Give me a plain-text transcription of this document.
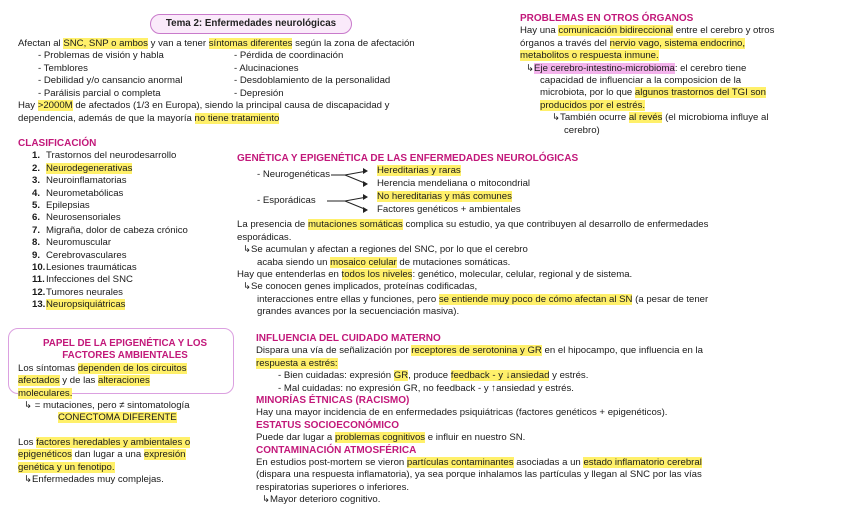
Tema 2: Enfermedades neurológicas
Afectan al SNC, SNP o ambos y van a tener síntomas diferentes según la zona de afectación
- Problemas de visión y habla
- Temblores
- Debilidad y/o cansancio anormal
- Parálisis parcial o completa
- Pérdida de coordinación
- Alucinaciones
- Desdoblamiento de la personalidad
- Depresión
Hay >2000M de afectados (1/3 en Europa), siendo la principal causa de discapacidad y
dependencia, además de que la mayoría no tiene tratamiento
CLASIFICACIÓN
1. Trastornos del neurodesarrollo
2. Neurodegenerativas
3. Neuroinflamatorias
4. Neurometabólicas
5. Epilepsias
6. Neurosensoriales
7. Migraña, dolor de cabeza crónico
8. Neuromuscular
9. Cerebrovasculares
10.Lesiones traumáticas
11.Infecciones del SNC
12.Tumores neurales
13.Neuropsiquiátricas
PAPEL DE LA EPIGENÉTICA Y LOS
FACTORES AMBIENTALES
Los síntomas dependen de los circuitos
afectados y de las alteraciones
moleculares.
↳ = mutaciones, pero ≠ sintomatología
CONECTOMA DIFERENTE
Los factores heredables y ambientales o
epigenéticos dan lugar a una expresión
genética y un fenotipo.
↳Enfermedades muy complejas.
PROBLEMAS EN OTROS ÓRGANOS
Hay una comunicación bidireccional entre el cerebro y otros
órganos a través del nervio vago, sistema endocrino,
metabolitos o respuesta inmune.
↳Eje cerebro-intestino-microbioma: el cerebro tiene
capacidad de influenciar a la composicion de la
microbiota, por lo que algunos trastornos del TGI son
producidos por el estrés.
↳También ocurre al revés (el microbioma influye al
cerebro)
GENÉTICA Y EPIGENÉTICA DE LAS ENFERMEDADES NEUROLÓGICAS
- Neurogenéticas	Hereditarias y raras
Herencia mendeliana o mitocondrial
- Esporádicas	No hereditarias y más comunes
Factores genéticos + ambientales
La presencia de mutaciones somáticas complica su estudio, ya que contribuyen al desarrollo de enfermedades
esporádicas.
↳Se acumulan y afectan a regiones del SNC, por lo que el cerebro
acaba siendo un mosaico celular de mutaciones somáticas.
Hay que entenderlas en todos los niveles: genético, molecular, celular, regional y de sistema.
↳Se conocen genes implicados, proteínas codificadas,
interacciones entre ellas y funciones, pero se entiende muy poco de cómo afectan al SN (a pesar de tener
grandes avances por la secuenciación masiva).
INFLUENCIA DEL CUIDADO MATERNO
Dispara una vía de señalización por receptores de serotonina y GR en el hipocampo, que influencia en la
respuesta a estrés:
- Bien cuidadas: expresión GR, produce feedback - y ↓ansiedad y estrés.
- Mal cuidadas: no expresión GR, no feedback - y ↑ansiedad y estrés.
MINORÍAS ÉTNICAS (RACISMO)
Hay una mayor incidencia de en enfermedades psiquiátricas (factores genéticos + epigenéticos).
ESTATUS SOCIOECONÓMICO
Puede dar lugar a problemas cognitivos e influir en nuestro SN.
CONTAMINACIÓN ATMOSFÉRICA
En estudios post-mortem se vieron partículas contaminantes asociadas a un estado inflamatorio cerebral
(dispara una respuesta inflamatoria), ya sea porque inhalamos las partículas y llegan al SNC por las vías
respiratorias superiores o inferiores.
↳Mayor deterioro cognitivo.
